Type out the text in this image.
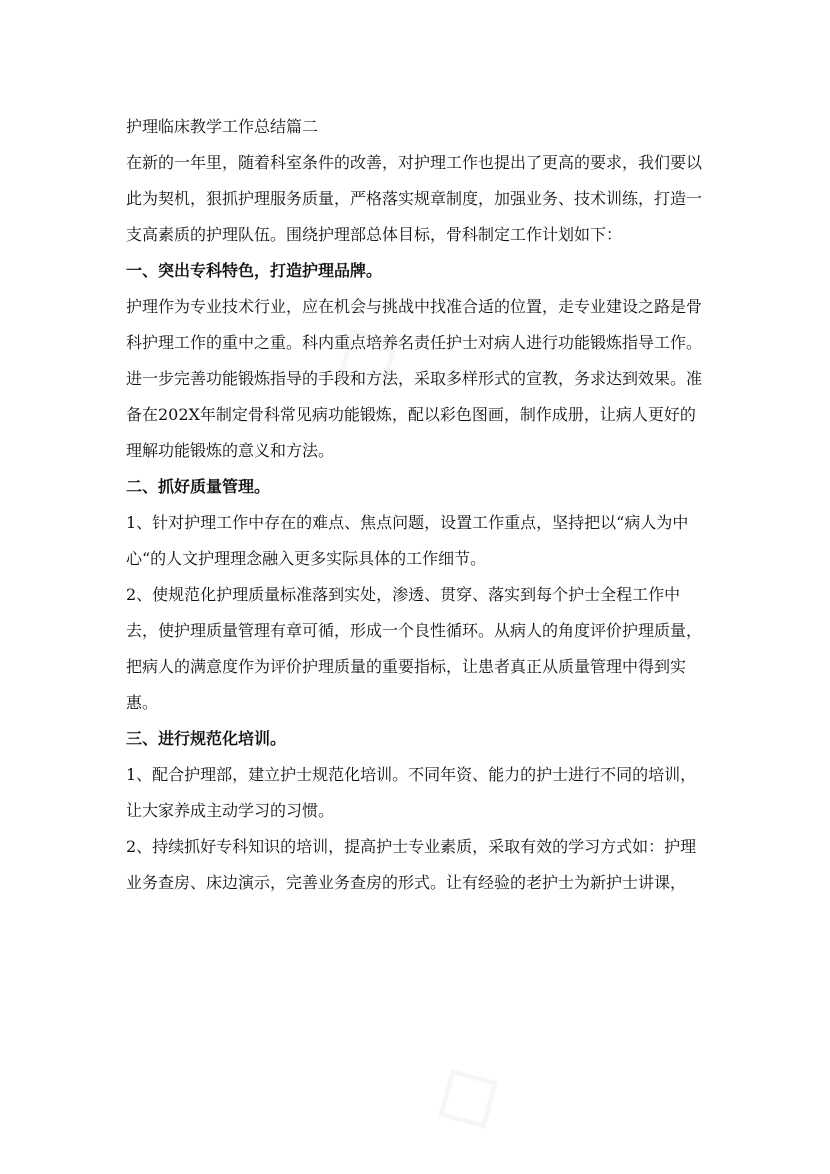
护理临床教学工作总结篇二

在新的一年里，随着科室条件的改善，对护理工作也提出了更高的要求，我们要以此为契机，狠抓护理服务质量，严格落实规章制度，加强业务、技术训练，打造一支高素质的护理队伍。围绕护理部总体目标，骨科制定工作计划如下：

一、突出专科特色，打造护理品牌。

护理作为专业技术行业，应在机会与挑战中找准合适的位置，走专业建设之路是骨科护理工作的重中之重。科内重点培养名责任护士对病人进行功能锻炼指导工作。进一步完善功能锻炼指导的手段和方法，采取多样形式的宣教，务求达到效果。准备在202X年制定骨科常见病功能锻炼，配以彩色图画，制作成册，让病人更好的理解功能锻炼的意义和方法。

二、抓好质量管理。

1、针对护理工作中存在的难点、焦点问题，设置工作重点，坚持把以“病人为中心“的人文护理理念融入更多实际具体的工作细节。

2、使规范化护理质量标准落到实处，渗透、贯穿、落实到每个护士全程工作中去，使护理质量管理有章可循，形成一个良性循环。从病人的角度评价护理质量，把病人的满意度作为评价护理质量的重要指标，让患者真正从质量管理中得到实惠。

三、进行规范化培训。

1、配合护理部，建立护士规范化培训。不同年资、能力的护士进行不同的培训，让大家养成主动学习的习惯。

2、持续抓好专科知识的培训，提高护士专业素质，采取有效的学习方式如：护理业务查房、床边演示，完善业务查房的形式。让有经验的老护士为新护士讲课，
